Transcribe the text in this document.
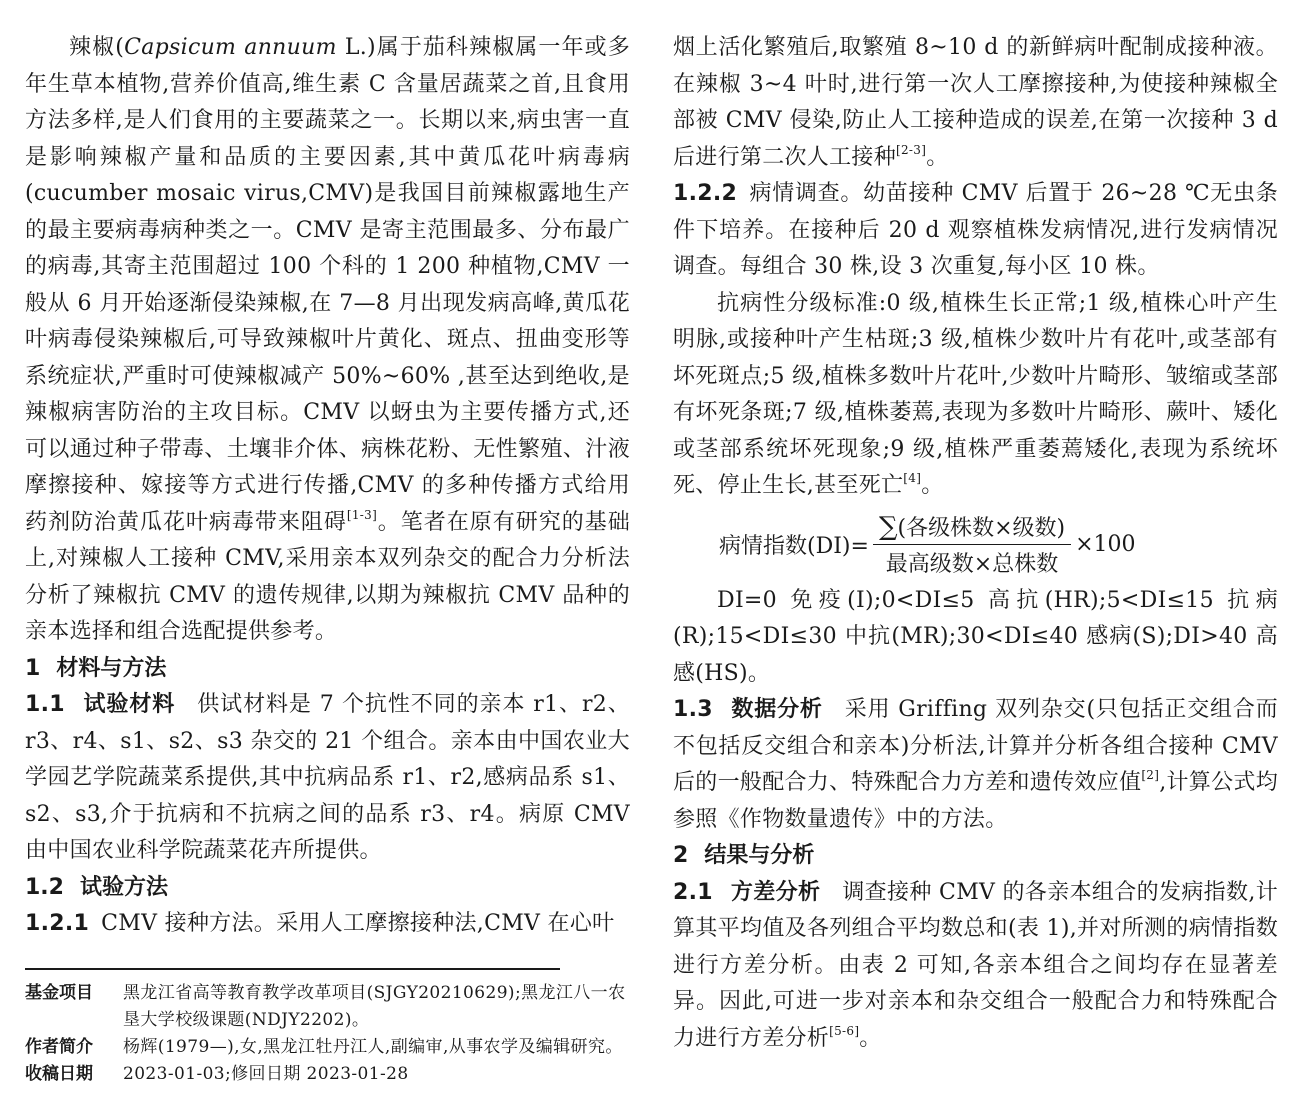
辣椒(Capsicum annuum L.)属于茄科辣椒属一年或多年生草本植物,营养价值高,维生素 C 含量居蔬菜之首,且食用方法多样,是人们食用的主要蔬菜之一。长期以来,病虫害一直是影响辣椒产量和品质的主要因素,其中黄瓜花叶病毒病(cucumber mosaic virus,CMV)是我国目前辣椒露地生产的最主要病毒病种类之一。CMV 是寄主范围最多、分布最广的病毒,其寄主范围超过 100 个科的 1 200 种植物,CMV 一般从 6 月开始逐渐侵染辣椒,在 7—8 月出现发病高峰,黄瓜花叶病毒侵染辣椒后,可导致辣椒叶片黄化、斑点、扭曲变形等系统症状,严重时可使辣椒减产 50%~60% ,甚至达到绝收,是辣椒病害防治的主攻目标。CMV 以蚜虫为主要传播方式,还可以通过种子带毒、土壤非介体、病株花粉、无性繁殖、汁液摩擦接种、嫁接等方式进行传播,CMV 的多种传播方式给用药剂防治黄瓜花叶病毒带来阻碍[1-3]。笔者在原有研究的基础上,对辣椒人工接种 CMV,采用亲本双列杂交的配合力分析法分析了辣椒抗 CMV 的遗传规律,以期为辣椒抗 CMV 品种的亲本选择和组合选配提供参考。

1 材料与方法

1.1 试验材料 供试材料是 7 个抗性不同的亲本 r1、r2、r3、r4、s1、s2、s3 杂交的 21 个组合。亲本由中国农业大学园艺学院蔬菜系提供,其中抗病品系 r1、r2,感病品系 s1、s2、s3,介于抗病和不抗病之间的品系 r3、r4。病原 CMV 由中国农业科学院蔬菜花卉所提供。

1.2 试验方法

1.2.1 CMV 接种方法。采用人工摩擦接种法,CMV 在心叶

基金项目	黑龙江省高等教育教学改革项目(SJGY20210629);黑龙江八一农垦大学校级课题(NDJY2202)。
作者简介	杨辉(1979—),女,黑龙江牡丹江人,副编审,从事农学及编辑研究。
收稿日期	2023-01-03;修回日期 2023-01-28

烟上活化繁殖后,取繁殖 8~10 d 的新鲜病叶配制成接种液。在辣椒 3~4 叶时,进行第一次人工摩擦接种,为使接种辣椒全部被 CMV 侵染,防止人工接种造成的误差,在第一次接种 3 d 后进行第二次人工接种[2-3]。

1.2.2 病情调查。幼苗接种 CMV 后置于 26~28 ℃无虫条件下培养。在接种后 20 d 观察植株发病情况,进行发病情况调查。每组合 30 株,设 3 次重复,每小区 10 株。

抗病性分级标准:0 级,植株生长正常;1 级,植株心叶产生明脉,或接种叶产生枯斑;3 级,植株少数叶片有花叶,或茎部有坏死斑点;5 级,植株多数叶片花叶,少数叶片畸形、皱缩或茎部有坏死条斑;7 级,植株萎蔫,表现为多数叶片畸形、蕨叶、矮化或茎部系统坏死现象;9 级,植株严重萎蔫矮化,表现为系统坏死、停止生长,甚至死亡[4]。

病情指数$(DI)= \frac{\text{∑(各级株数×级数)}}{\text{最高级数×总株数}} \times 100$

DI=0 免疫(I);0<DI≤5 高抗(HR);5<DI≤15 抗病(R);15<DI≤30 中抗(MR);30<DI≤40 感病(S);DI>40 高感(HS)。

1.3 数据分析 采用 Griffing 双列杂交(只包括正交组合而不包括反交组合和亲本)分析法,计算并分析各组合接种 CMV 后的一般配合力、特殊配合力方差和遗传效应值[2],计算公式均参照《作物数量遗传》中的方法。

2 结果与分析

2.1 方差分析 调查接种 CMV 的各亲本组合的发病指数,计算其平均值及各列组合平均数总和(表 1),并对所测的病情指数进行方差分析。由表 2 可知,各亲本组合之间均存在显著差异。因此,可进一步对亲本和杂交组合一般配合力和特殊配合力进行方差分析[5-6]。
